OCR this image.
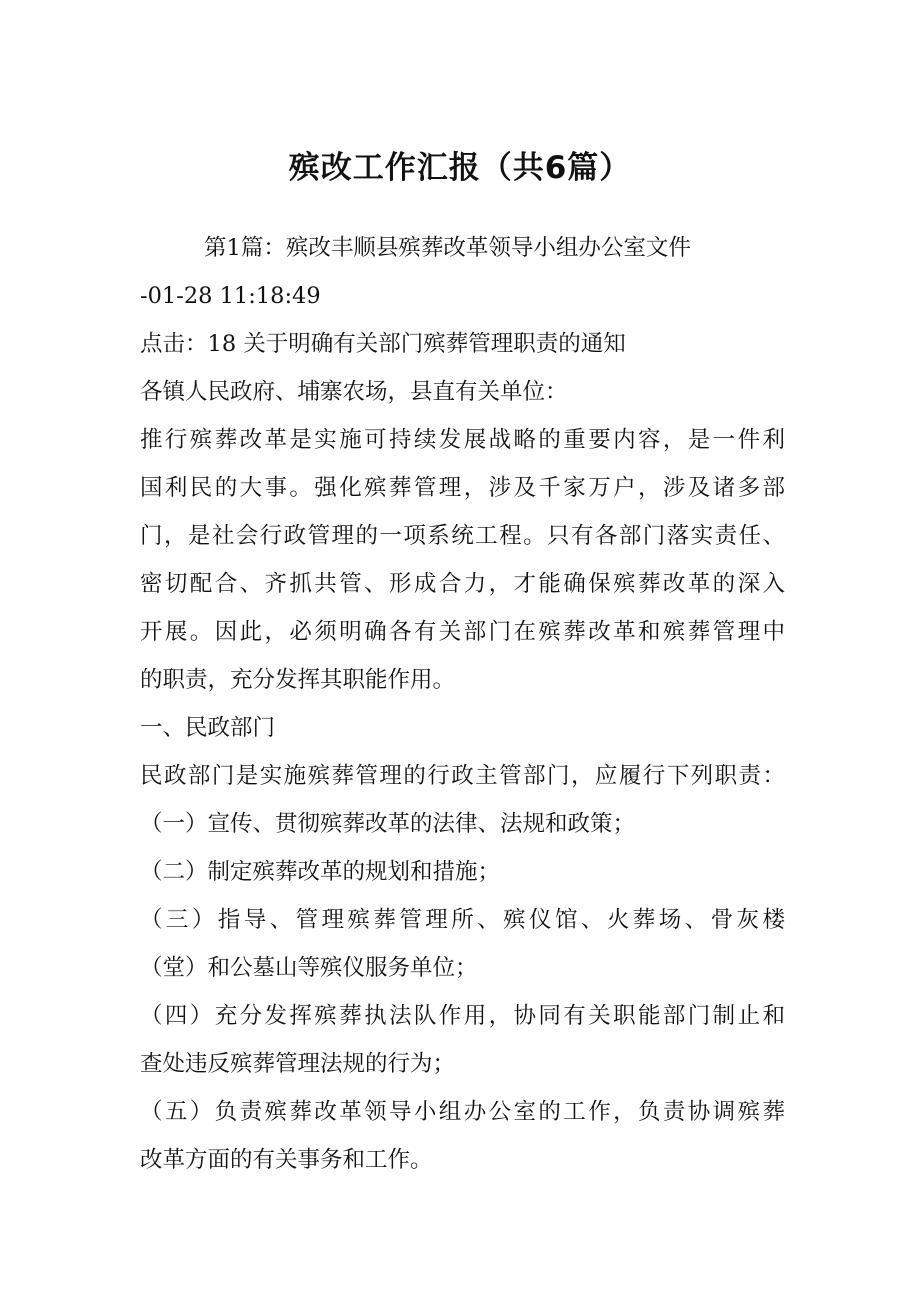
殡改工作汇报（共6篇）
第1篇：殡改丰顺县殡葬改革领导小组办公室文件
-01-28 11:18:49
点击：18 关于明确有关部门殡葬管理职责的通知
各镇人民政府、埔寨农场，县直有关单位：
推行殡葬改革是实施可持续发展战略的重要内容，是一件利
国利民的大事。强化殡葬管理，涉及千家万户，涉及诸多部
门，是社会行政管理的一项系统工程。只有各部门落实责任、
密切配合、齐抓共管、形成合力，才能确保殡葬改革的深入
开展。因此，必须明确各有关部门在殡葬改革和殡葬管理中
的职责，充分发挥其职能作用。
一、民政部门
民政部门是实施殡葬管理的行政主管部门，应履行下列职责：
（一）宣传、贯彻殡葬改革的法律、法规和政策；
（二）制定殡葬改革的规划和措施；
（三）指导、管理殡葬管理所、殡仪馆、火葬场、骨灰楼
（堂）和公墓山等殡仪服务单位；
（四）充分发挥殡葬执法队作用，协同有关职能部门制止和
查处违反殡葬管理法规的行为；
（五）负责殡葬改革领导小组办公室的工作，负责协调殡葬
改革方面的有关事务和工作。
